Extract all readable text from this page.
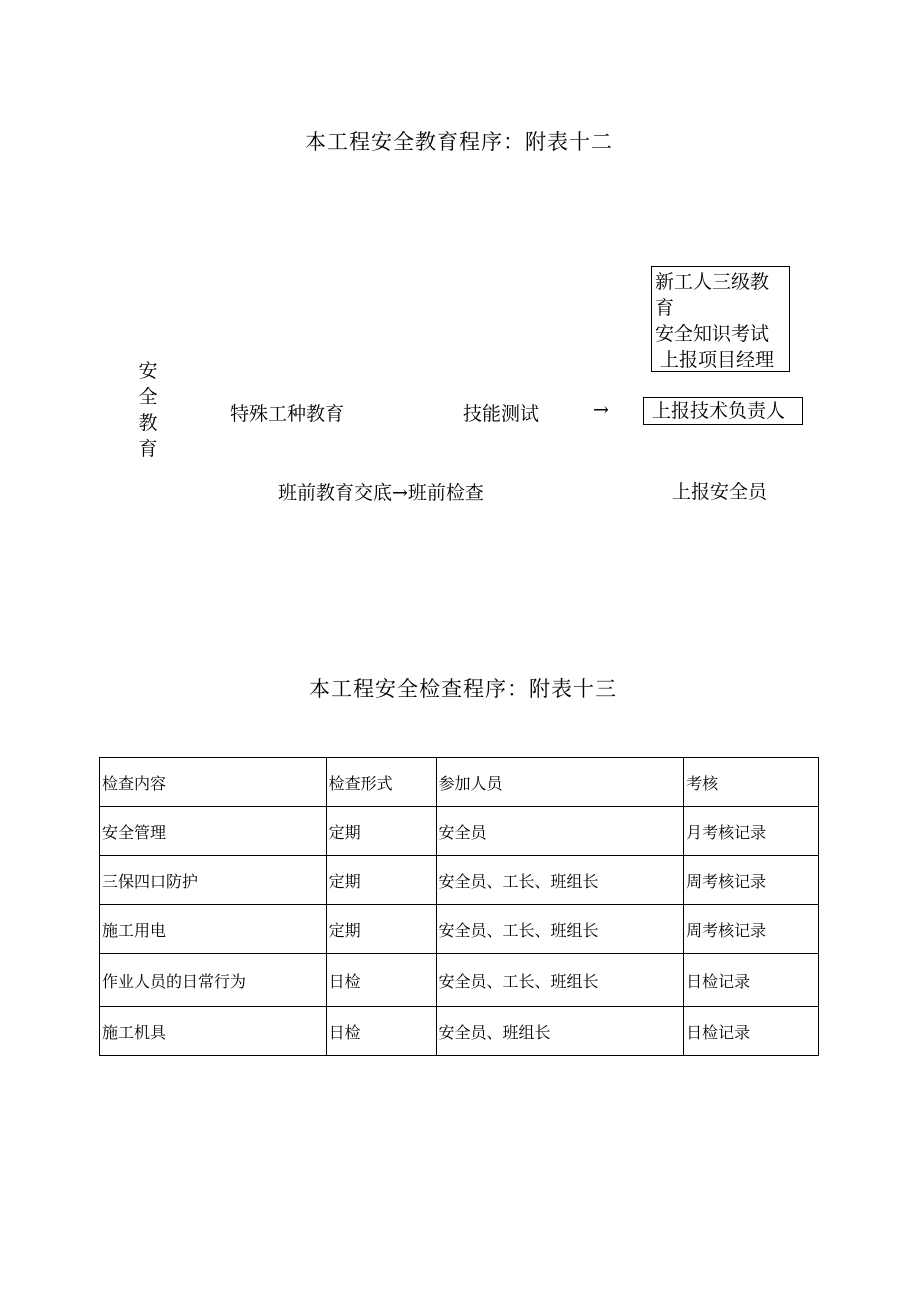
本工程安全教育程序：附表十二
新工人三级教
育
安全知识考试
上报项目经理
安
全
教
育
特殊工种教育	技能测试	→	上报技术负责人
班前教育交底→班前检查	上报安全员
本工程安全检查程序：附表十三
检查内容	检查形式	参加人员	考核
安全管理	定期	安全员	月考核记录
三保四口防护	定期	安全员、工长、班组长	周考核记录
施工用电	定期	安全员、工长、班组长	周考核记录
作业人员的日常行为	日检	安全员、工长、班组长	日检记录
施工机具	日检	安全员、班组长	日检记录
